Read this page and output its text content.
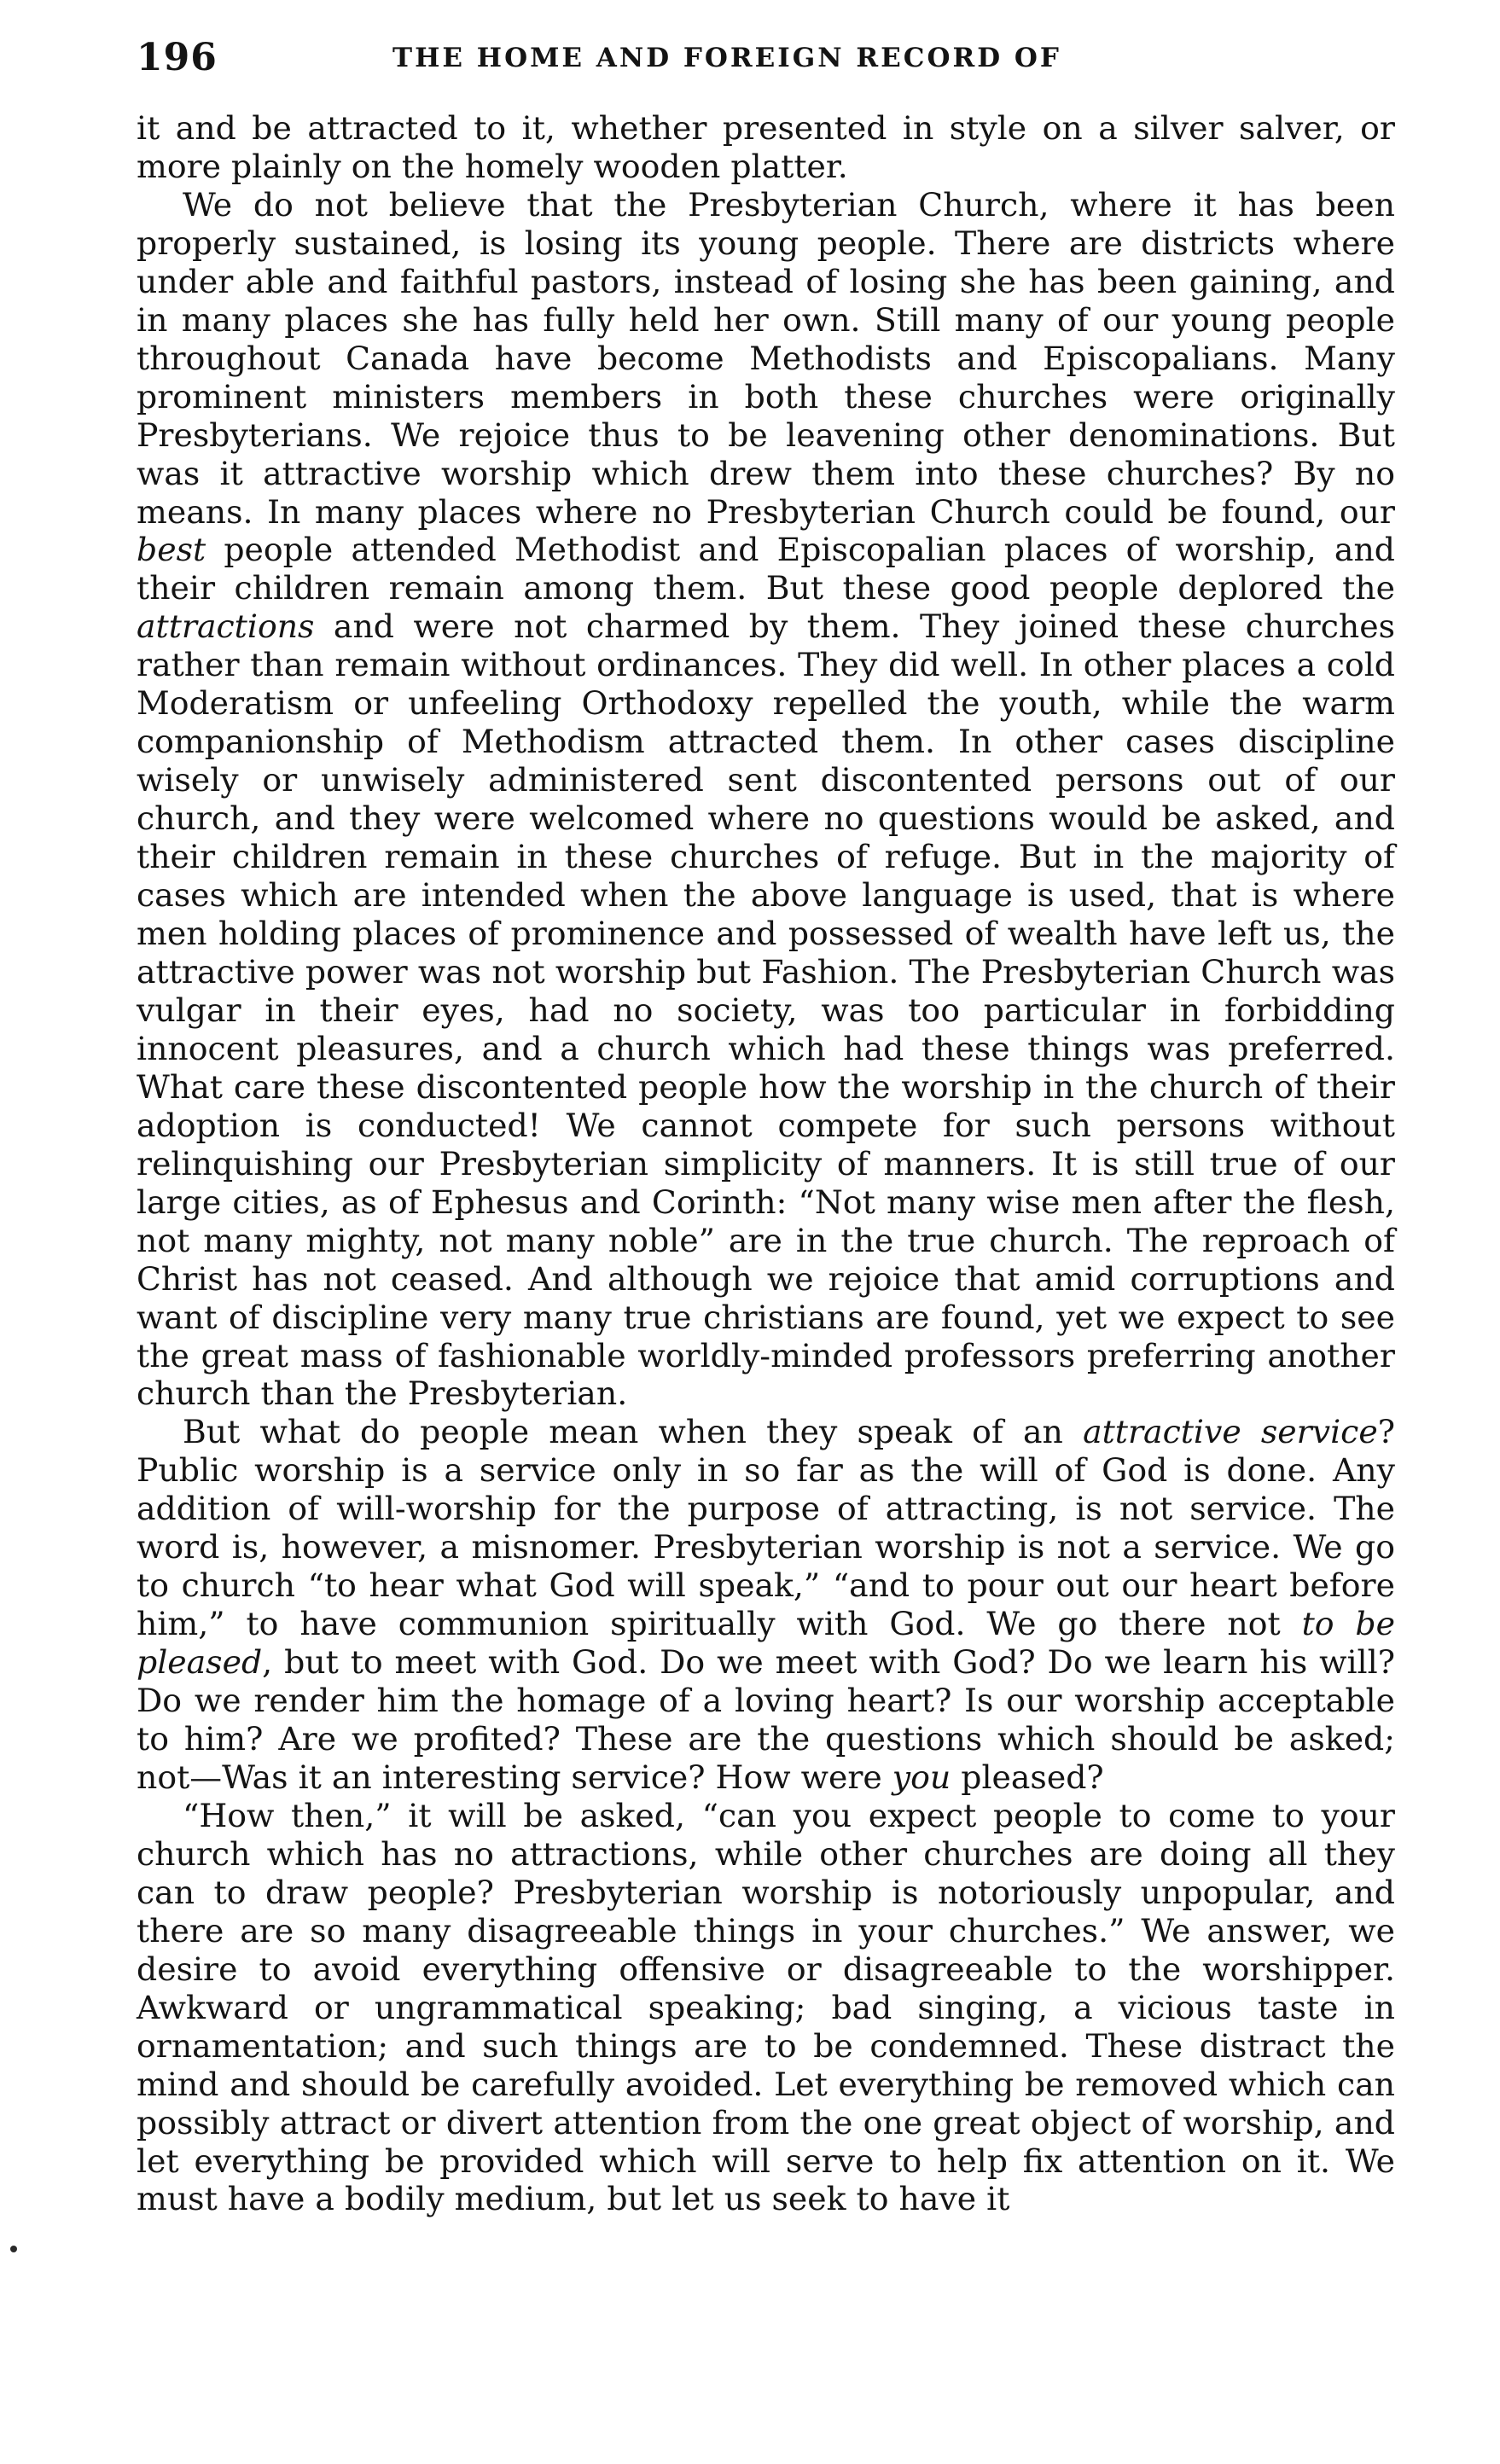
196	THE HOME AND FOREIGN RECORD OF

it and be attracted to it, whether presented in style on a silver salver, or more plainly on the homely wooden platter.

We do not believe that the Presbyterian Church, where it has been properly sustained, is losing its young people. There are districts where under able and faithful pastors, instead of losing she has been gaining, and in many places she has fully held her own. Still many of our young people throughout Canada have become Methodists and Episcopalians. Many prominent ministers members in both these churches were originally Presbyterians. We rejoice thus to be leavening other denominations. But was it attractive worship which drew them into these churches? By no means. In many places where no Presbyterian Church could be found, our best people attended Methodist and Episcopalian places of worship, and their children remain among them. But these good people deplored the attractions and were not charmed by them. They joined these churches rather than remain without ordinances. They did well. In other places a cold Moderatism or unfeeling Orthodoxy repelled the youth, while the warm companionship of Methodism attracted them. In other cases discipline wisely or unwisely administered sent discontented persons out of our church, and they were welcomed where no questions would be asked, and their children remain in these churches of refuge. But in the majority of cases which are intended when the above language is used, that is where men holding places of prominence and possessed of wealth have left us, the attractive power was not worship but Fashion. The Presbyterian Church was vulgar in their eyes, had no society, was too particular in forbidding innocent pleasures, and a church which had these things was preferred. What care these discontented people how the worship in the church of their adoption is conducted! We cannot compete for such persons without relinquishing our Presbyterian simplicity of manners. It is still true of our large cities, as of Ephesus and Corinth: “Not many wise men after the flesh, not many mighty, not many noble” are in the true church. The reproach of Christ has not ceased. And although we rejoice that amid corruptions and want of discipline very many true christians are found, yet we expect to see the great mass of fashionable worldly-minded professors preferring another church than the Presbyterian.

But what do people mean when they speak of an attractive service? Public worship is a service only in so far as the will of God is done. Any addition of will-worship for the purpose of attracting, is not service. The word is, however, a misnomer. Presbyterian worship is not a service. We go to church “to hear what God will speak,” “and to pour out our heart before him,” to have communion spiritually with God. We go there not to be pleased, but to meet with God. Do we meet with God? Do we learn his will? Do we render him the homage of a loving heart? Is our worship acceptable to him? Are we profited? These are the questions which should be asked; not—Was it an interesting service? How were you pleased?

“How then,” it will be asked, “can you expect people to come to your church which has no attractions, while other churches are doing all they can to draw people? Presbyterian worship is notoriously unpopular, and there are so many disagreeable things in your churches.” We answer, we desire to avoid everything offensive or disagreeable to the worshipper. Awkward or ungrammatical speaking; bad singing, a vicious taste in ornamentation; and such things are to be condemned. These distract the mind and should be carefully avoided. Let everything be removed which can possibly attract or divert attention from the one great object of worship, and let everything be provided which will serve to help fix attention on it. We must have a bodily medium, but let us seek to have it
